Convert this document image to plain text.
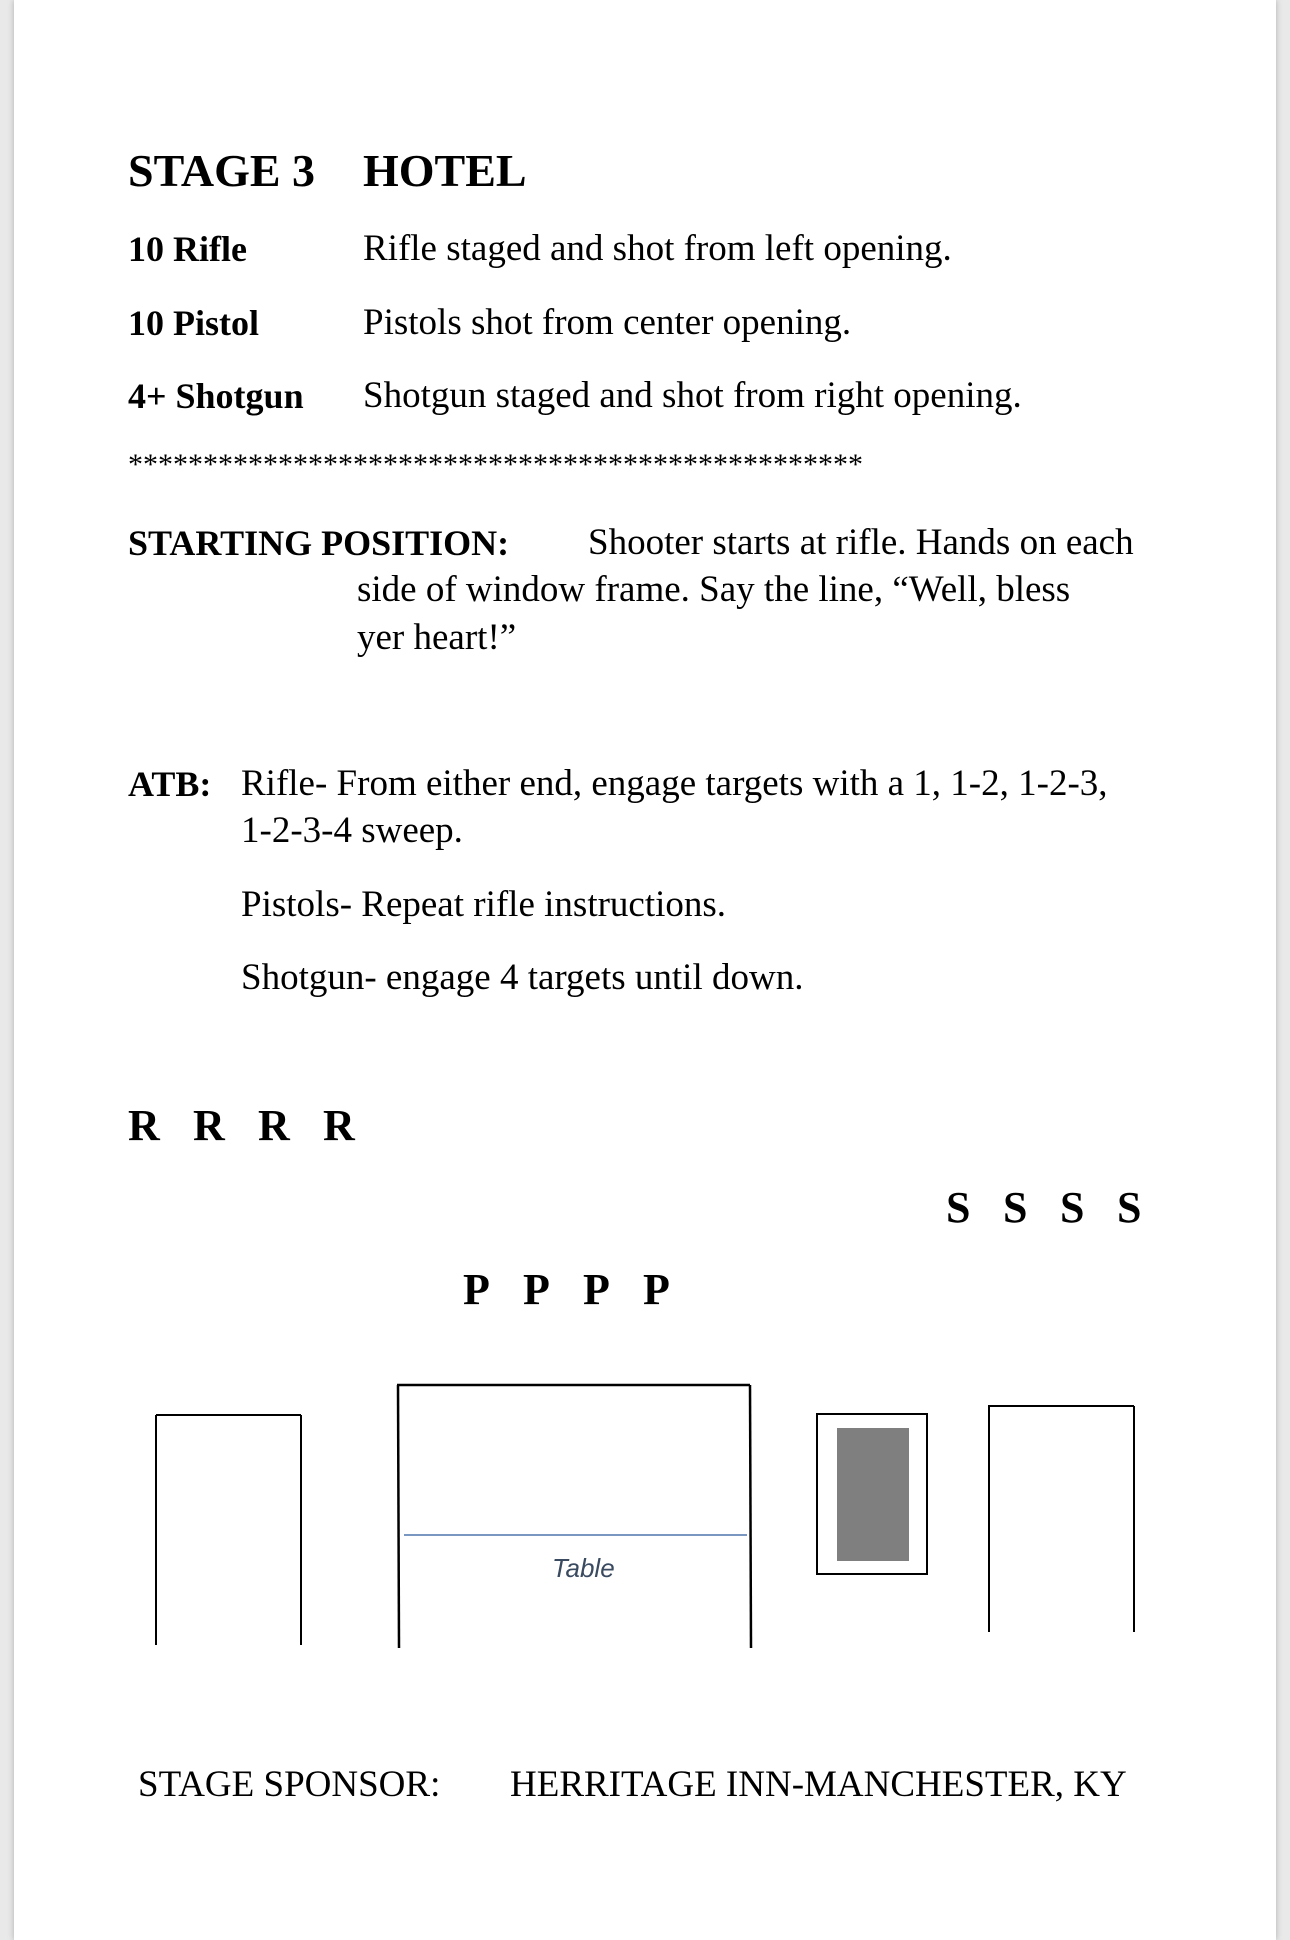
STAGE 3 HOTEL
10 Rifle	Rifle staged and shot from left opening.
10 Pistol	Pistols shot from center opening.
4+ Shotgun Shotgun staged and shot from right opening.
*************************************************
STARTING POSITION: Shooter starts at rifle. Hands on each
side of window frame. Say the line, “Well, bless
yer heart!”
ATB: Rifle- From either end, engage targets with a 1, 1-2, 1-2-3,
1-2-3-4 sweep.
Pistols- Repeat rifle instructions.
Shotgun- engage 4 targets until down.
R R R R
S S S S
P P P P
Table
STAGE SPONSOR: HERRITAGE INN-MANCHESTER, KY
